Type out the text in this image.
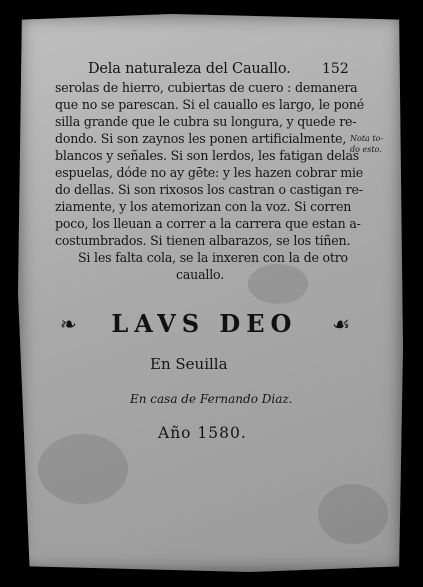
Dela naturaleza del Cauallo. 152
serolas de hierro, cubiertas de cuero : demanera
que no se parescan. Si el cauallo es largo, le poné
silla grande que le cubra su longura, y quede re-
dondo. Si son zaynos les ponen artificialmente,
blancos y señales. Si son lerdos, les fatigan delas
espuelas, dóde no ay gēte: y les hazen cobrar mie
do dellas. Si son rixosos los castran o castigan re-
ziamente, y los atemorizan con la voz. Si corren
poco, los lleuan a correr a la carrera que estan a-
costumbrados. Si tienen albarazos, se los tiñen.
Si les falta cola, se la inxeren con la de otro
cauallo.
Nota to-
do esto.
❧ LAVS DEO ☙
En Seuilla
En casa de Fernando Diaz.
Año 1580.
